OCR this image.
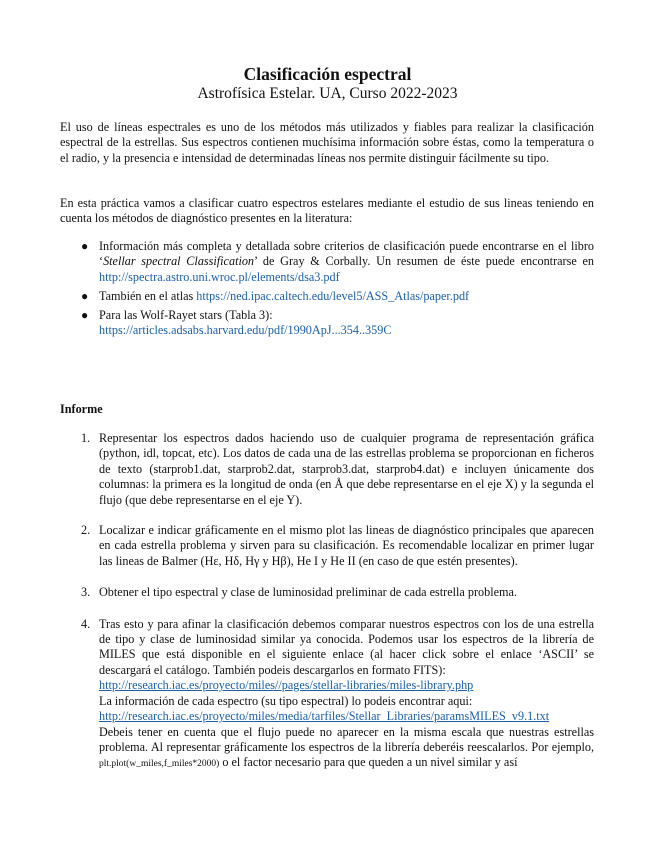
Clasificación espectral
Astrofísica Estelar. UA, Curso 2022-2023

El uso de líneas espectrales es uno de los métodos más utilizados y fiables para realizar la clasificación espectral de la estrellas. Sus espectros contienen muchísima información sobre éstas, como la temperatura o el radio, y la presencia e intensidad de determinadas líneas nos permite distinguir fácilmente su tipo.

En esta práctica vamos a clasificar cuatro espectros estelares mediante el estudio de sus lineas teniendo en cuenta los métodos de diagnóstico presentes en la literatura:

● Información más completa y detallada sobre criterios de clasificación puede encontrarse en el libro ‘Stellar spectral Classification’ de Gray & Corbally. Un resumen de éste puede encontrarse en http://spectra.astro.uni.wroc.pl/elements/dsa3.pdf
● También en el atlas https://ned.ipac.caltech.edu/level5/ASS_Atlas/paper.pdf
● Para las Wolf-Rayet stars (Tabla 3):
https://articles.adsabs.harvard.edu/pdf/1990ApJ...354..359C
Informe
1. Representar los espectros dados haciendo uso de cualquier programa de representación gráfica (python, idl, topcat, etc). Los datos de cada una de las estrellas problema se proporcionan en ficheros de texto (starprob1.dat, starprob2.dat, starprob3.dat, starprob4.dat) e incluyen únicamente dos columnas: la primera es la longitud de onda (en Å que debe representarse en el eje X) y la segunda el flujo (que debe representarse en el eje Y).
2. Localizar e indicar gráficamente en el mismo plot las lineas de diagnóstico principales que aparecen en cada estrella problema y sirven para su clasificación. Es recomendable localizar en primer lugar las lineas de Balmer (Hε, Hδ, Hγ y Hβ), He I y He II (en caso de que estén presentes).
3. Obtener el tipo espectral y clase de luminosidad preliminar de cada estrella problema.
4. Tras esto y para afinar la clasificación debemos comparar nuestros espectros con los de una estrella de tipo y clase de luminosidad similar ya conocida. Podemos usar los espectros de la librería de MILES que está disponible en el siguiente enlace (al hacer click sobre el enlace ‘ASCII’ se descargará el catálogo. También podeis descargarlos en formato FITS):
http://research.iac.es/proyecto/miles//pages/stellar-libraries/miles-library.php
La información de cada espectro (su tipo espectral) lo podeis encontrar aqui:
http://research.iac.es/proyecto/miles/media/tarfiles/Stellar_Libraries/paramsMILES_v9.1.txt
Debeis tener en cuenta que el flujo puede no aparecer en la misma escala que nuestras estrellas problema. Al representar gráficamente los espectros de la librería deberéis reescalarlos. Por ejemplo, plt.plot(w_miles,f_miles*2000) o el factor necesario para que queden a un nivel similar y así
